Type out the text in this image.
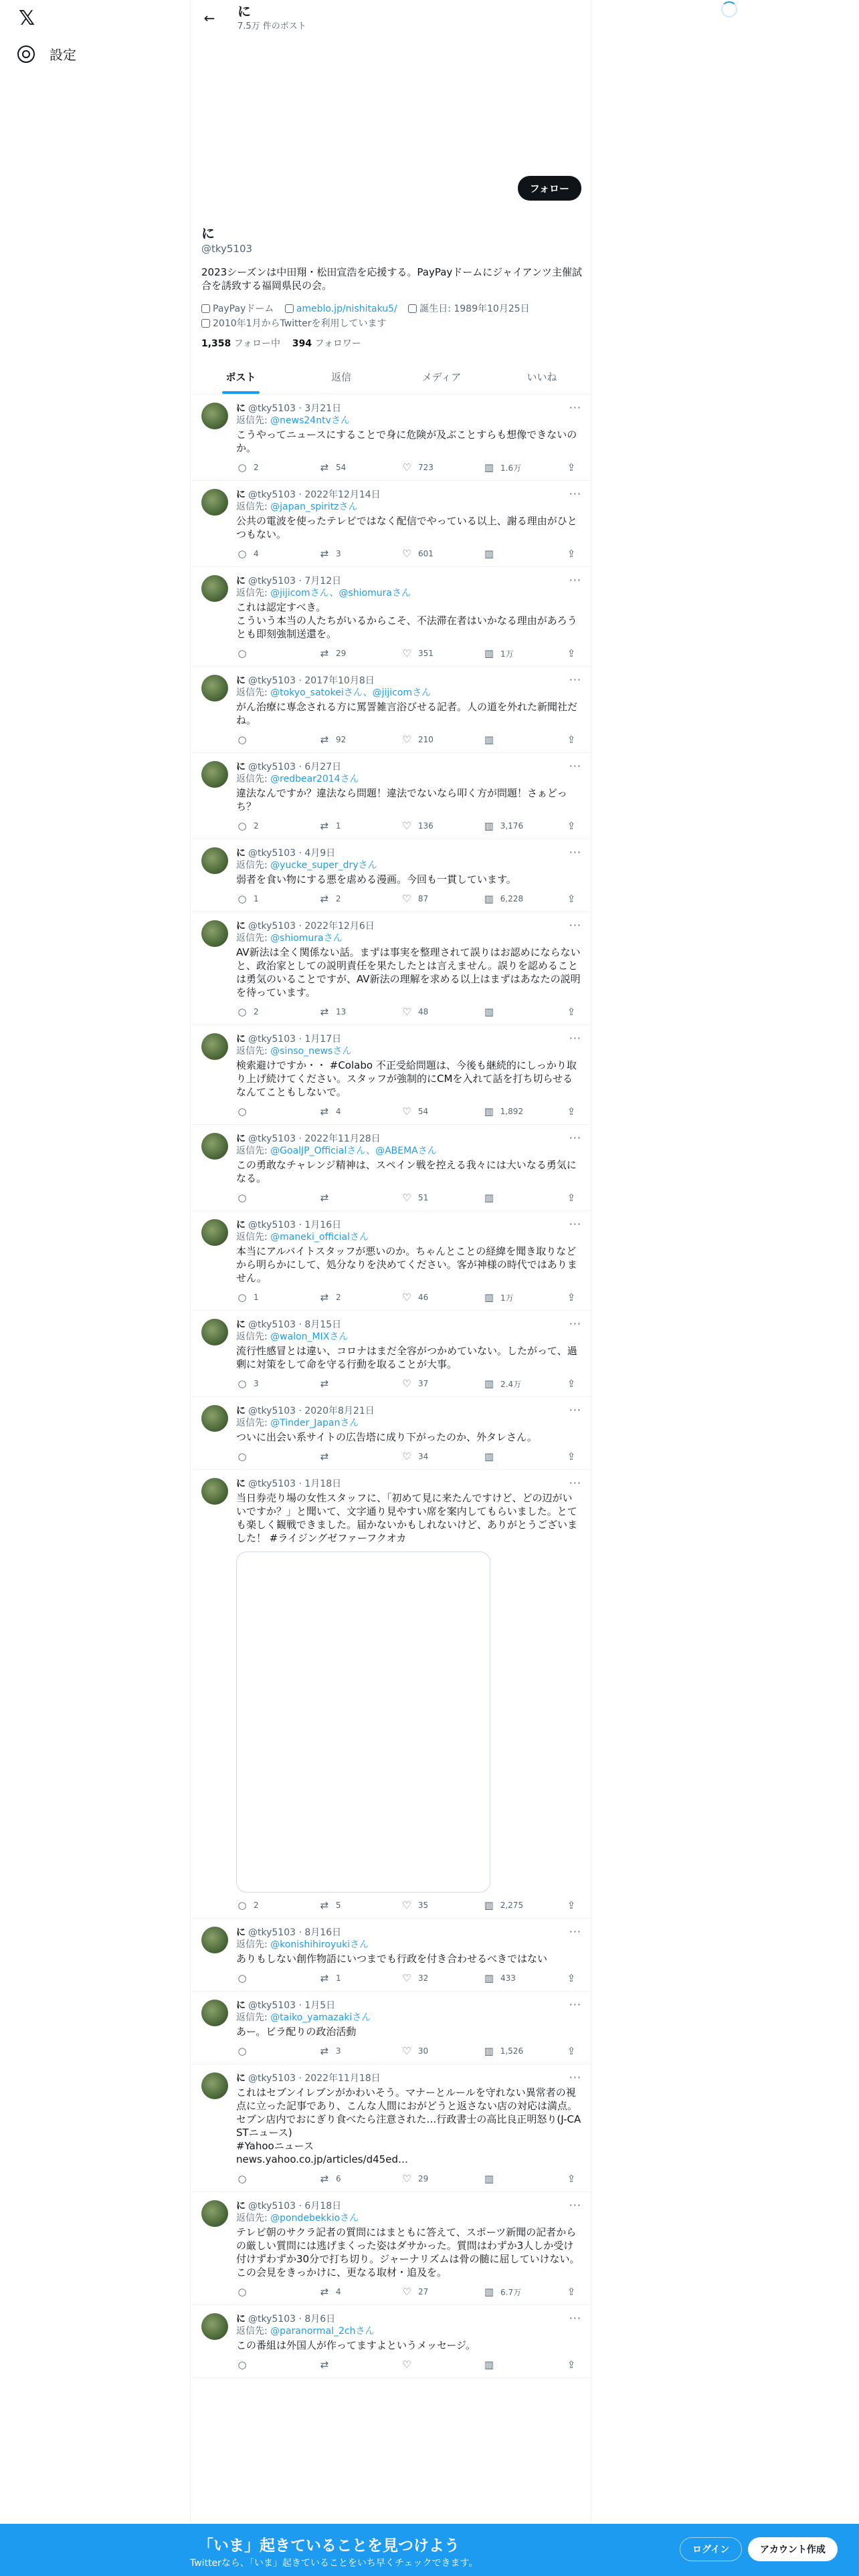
𝕏
設定
← に
7.5万 件のポスト
フォロー
に
@tky5103
2023シーズンは中田翔・松田宣浩を応援する。PayPayドームにジャイアンツ主催試合を誘致する福岡県民の会。
PayPayドーム ameblo.jp/nishitaku5/ 誕生日: 1989年10月25日
2010年1月からTwitterを利用しています
1,358 フォロー中 394 フォロワー
ポスト	返信	メディア	いいね
···
に @tky5103 · 3月21日
返信先: @news24ntvさん
こうやってニュースにすることで身に危険が及ぶことすらも想像できないのか。
○ 2	⇄ 54	♡ 723	▥ 1.6万	⇪
···
に @tky5103 · 2022年12月14日
返信先: @japan_spiritzさん
公共の電波を使ったテレビではなく配信でやっている以上、謝る理由がひとつもない。
○ 4	⇄ 3	♡ 601	▥	⇪
···
に @tky5103 · 7月12日
返信先: @jijicomさん、@shiomuraさん
これは認定すべき。
こういう本当の人たちがいるからこそ、不法滞在者はいかなる理由があろうとも即刻強制送還を。
○	⇄ 29	♡ 351	▥ 1万	⇪
···
に @tky5103 · 2017年10月8日
返信先: @tokyo_satokeiさん、@jijicomさん
がん治療に専念される方に罵詈雑言浴びせる記者。人の道を外れた新聞社だね。
○	⇄ 92	♡ 210	▥	⇪
···
に @tky5103 · 6月27日
返信先: @redbear2014さん
違法なんですか？違法なら問題！違法でないなら叩く方が問題！さぁどっち？
○ 2	⇄ 1	♡ 136	▥ 3,176	⇪
···
に @tky5103 · 4月9日
返信先: @yucke_super_dryさん
弱者を食い物にする悪を虐める漫画。今回も一貫しています。
○ 1	⇄ 2	♡ 87	▥ 6,228	⇪
···
に @tky5103 · 2022年12月6日
返信先: @shiomuraさん
AV新法は全く関係ない話。まずは事実を整理されて誤りはお認めにならないと、政治家としての説明責任を果たしたとは言えません。誤りを認めることは勇気のいることですが、AV新法の理解を求める以上はまずはあなたの説明を待っています。
○ 2	⇄ 13	♡ 48	▥	⇪
···
に @tky5103 · 1月17日
返信先: @sinso_newsさん
検索避けですか・・ #Colabo 不正受給問題は、今後も継続的にしっかり取り上げ続けてください。スタッフが強制的にCMを入れて話を打ち切らせるなんてこともしないで。
○	⇄ 4	♡ 54	▥ 1,892	⇪
···
に @tky5103 · 2022年11月28日
返信先: @GoalJP_Officialさん、@ABEMAさん
この勇敢なチャレンジ精神は、スペイン戦を控える我々には大いなる勇気になる。
○	⇄	♡ 51	▥	⇪
···
に @tky5103 · 1月16日
返信先: @maneki_officialさん
本当にアルバイトスタッフが悪いのか。ちゃんとことの経緯を聞き取りなどから明らかにして、処分なりを決めてください。客が神様の時代ではありません。
○ 1	⇄ 2	♡ 46	▥ 1万	⇪
···
に @tky5103 · 8月15日
返信先: @walon_MIXさん
流行性感冒とは違い、コロナはまだ全容がつかめていない。したがって、過剰に対策をして命を守る行動を取ることが大事。
○ 3	⇄	♡ 37	▥ 2.4万	⇪
···
に @tky5103 · 2020年8月21日
返信先: @Tinder_Japanさん
ついに出会い系サイトの広告塔に成り下がったのか、外タレさん。
○	⇄	♡ 34	▥	⇪
···
に @tky5103 · 1月18日
当日券売り場の女性スタッフに、「初めて見に来たんですけど、どの辺がいいですか？」と聞いて、文字通り見やすい席を案内してもらいました。とても楽しく観戦できました。届かないかもしれないけど、ありがとうございました！ #ライジングゼファーフクオカ
○ 2	⇄ 5	♡ 35	▥ 2,275	⇪
···
に @tky5103 · 8月16日
返信先: @konishihiroyukiさん
ありもしない創作物語にいつまでも行政を付き合わせるべきではない
○	⇄ 1	♡ 32	▥ 433	⇪
···
に @tky5103 · 1月5日
返信先: @taiko_yamazakiさん
あー。ビラ配りの政治活動
○	⇄ 3	♡ 30	▥ 1,526	⇪
···
に @tky5103 · 2022年11月18日
これはセブンイレブンがかわいそう。マナーとルールを守れない異常者の視点に立った記事であり、こんな人間におがどうと返さない店の対応は満点。
セブン店内でおにぎり食べたら注意された…行政書士の高比良正明怒り(J-CASTニュース)
#Yahooニュース
news.yahoo.co.jp/articles/d45ed…
○	⇄ 6	♡ 29	▥	⇪
···
に @tky5103 · 6月18日
返信先: @pondebekkioさん
テレビ朝のサクラ記者の質問にはまともに答えて、スポーツ新聞の記者からの厳しい質問には逃げまくった姿はダサかった。質問はわずか3人しか受け付けずわずか30分で打ち切り。ジャーナリズムは骨の髄に屈していけない。この会見をきっかけに、更なる取材・追及を。
○	⇄ 4	♡ 27	▥ 6.7万	⇪
···
に @tky5103 · 8月6日
返信先: @paranormal_2chさん
この番組は外国人が作ってますよというメッセージ。
○	⇄	♡	▥	⇪
「いま」起きていることを見つけよう
Twitterなら、「いま」起きていることをいち早くチェックできます。
ログイン	アカウント作成
